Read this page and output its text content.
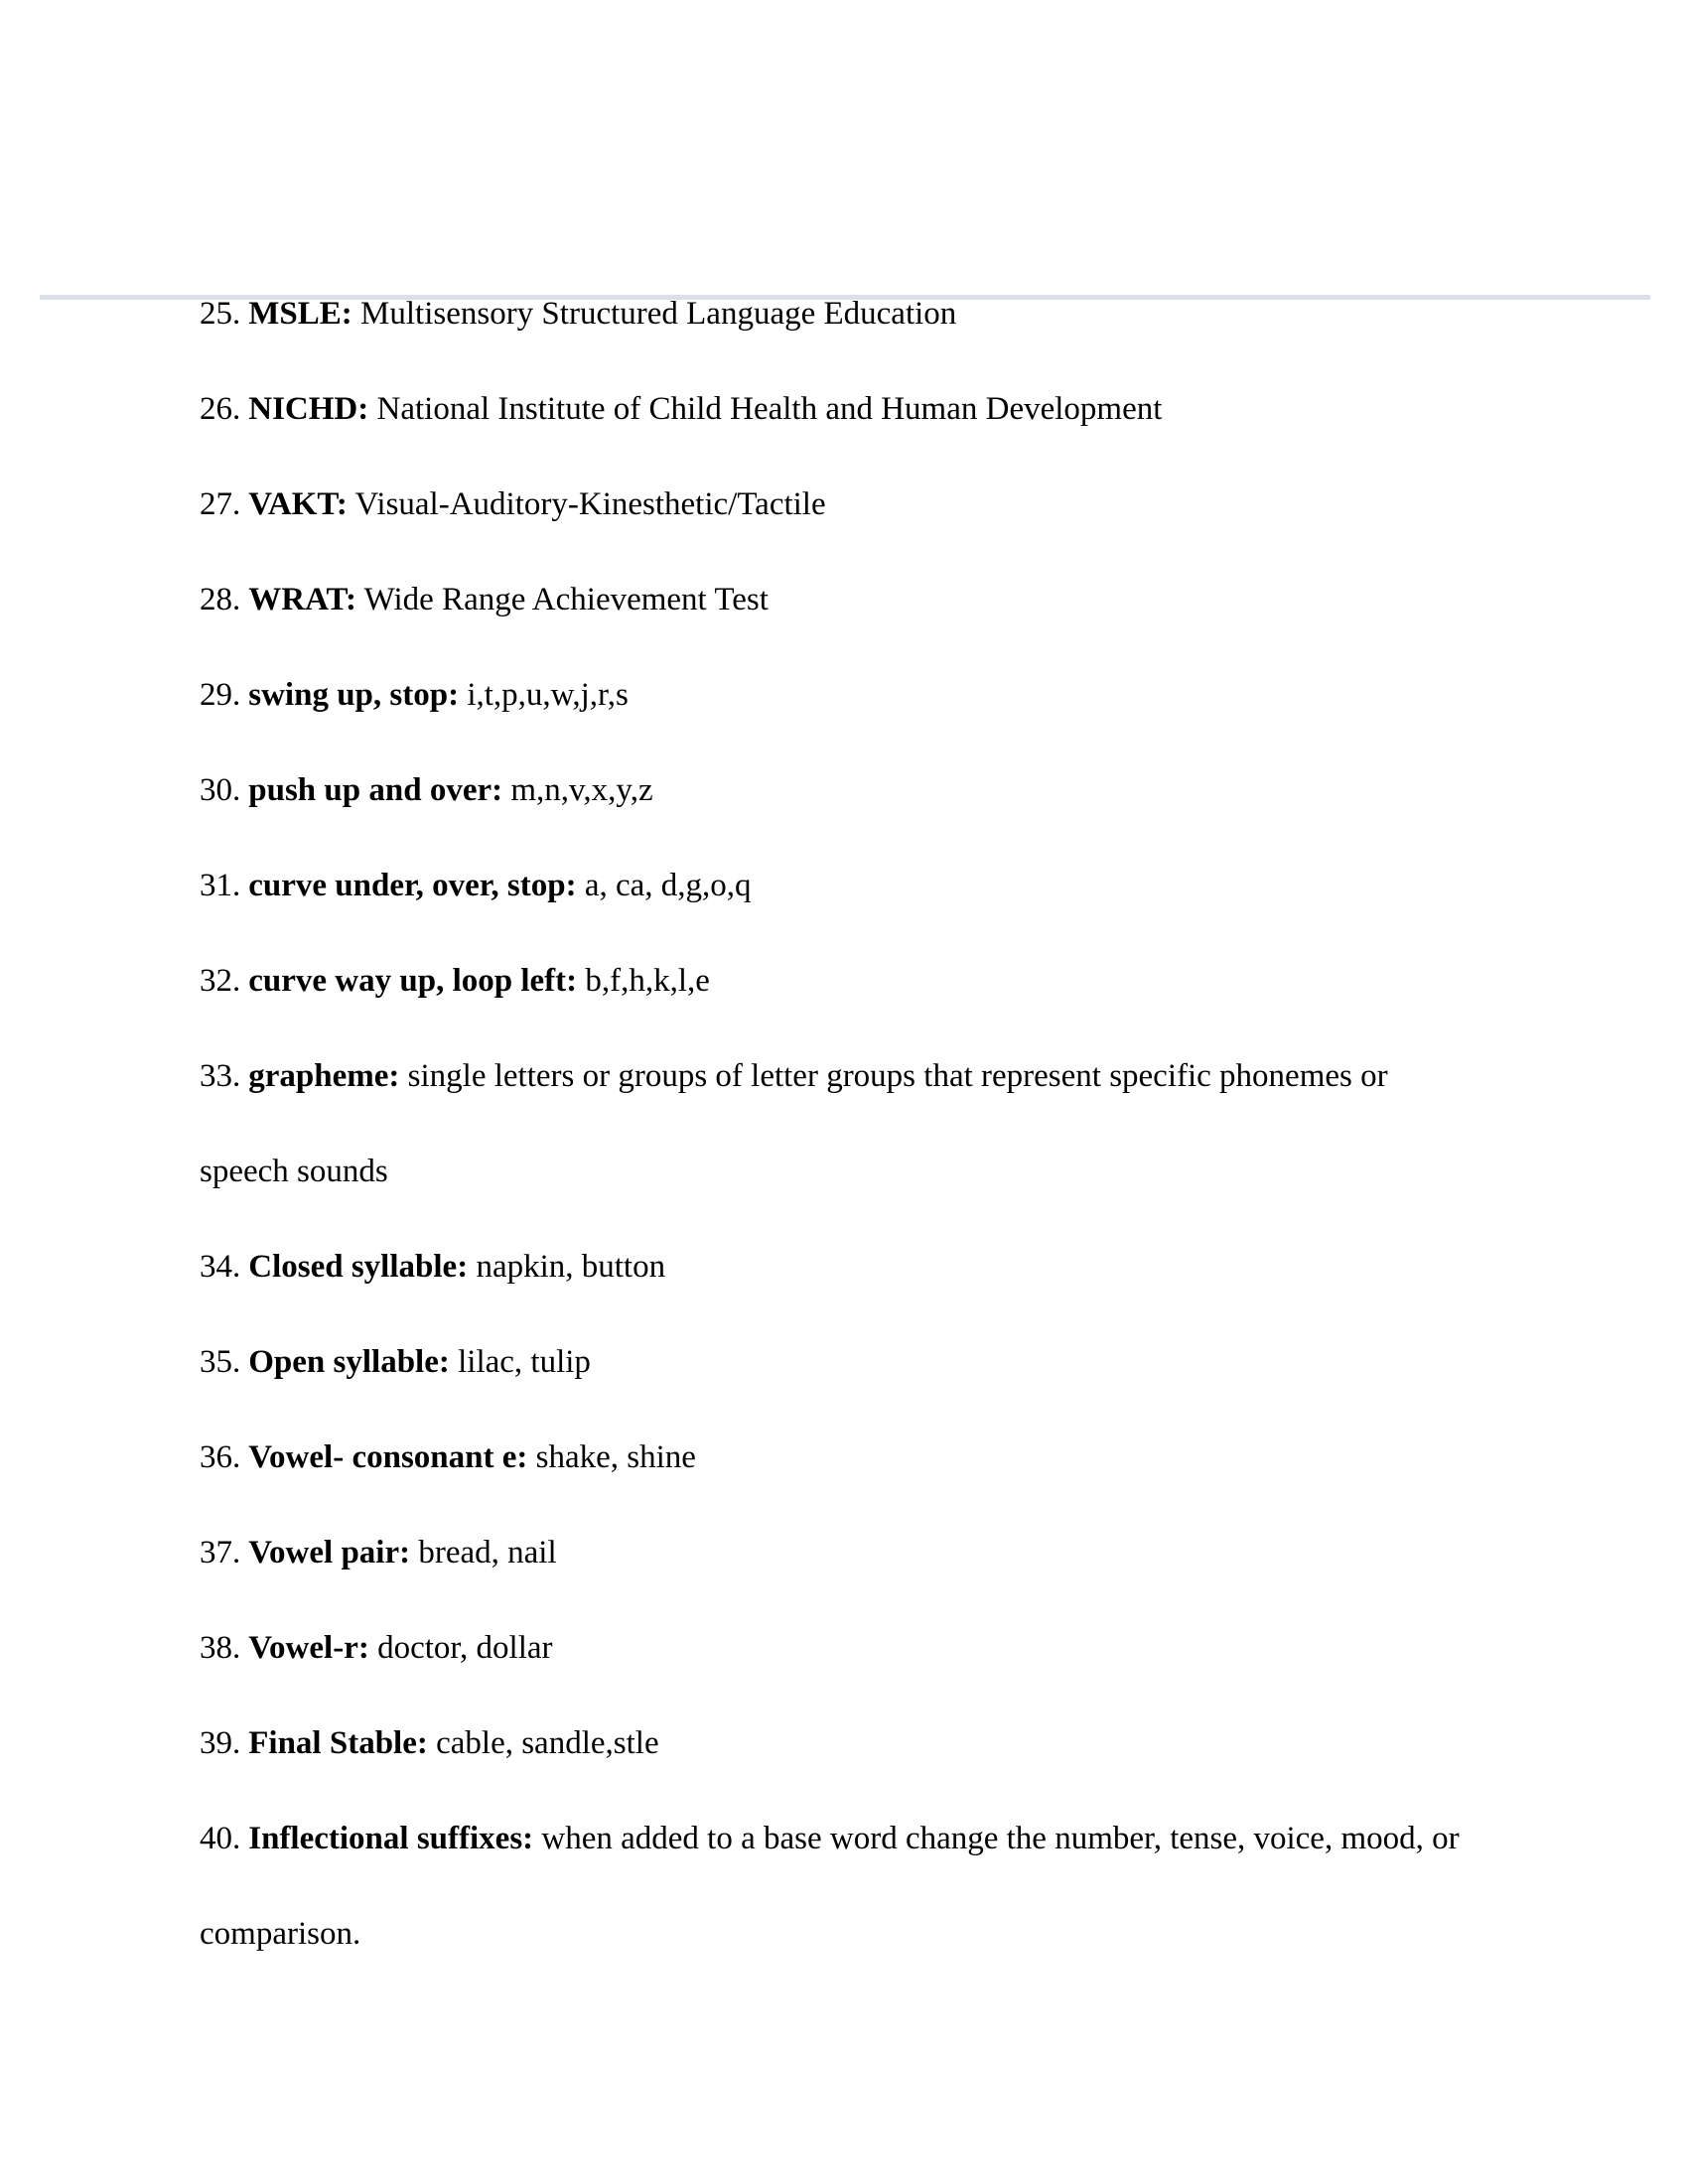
25. MSLE: Multisensory Structured Language Education
26. NICHD: National Institute of Child Health and Human Development
27. VAKT: Visual-Auditory-Kinesthetic/Tactile
28. WRAT: Wide Range Achievement Test
29. swing up, stop: i,t,p,u,w,j,r,s
30. push up and over: m,n,v,x,y,z
31. curve under, over, stop: a, ca, d,g,o,q
32. curve way up, loop left: b,f,h,k,l,e
33. grapheme: single letters or groups of letter groups that represent specific phonemes or
speech sounds
34. Closed syllable: napkin, button
35. Open syllable: lilac, tulip
36. Vowel- consonant e: shake, shine
37. Vowel pair: bread, nail
38. Vowel-r: doctor, dollar
39. Final Stable: cable, sandle,stle
40. Inflectional suffixes: when added to a base word change the number, tense, voice, mood, or
comparison.
